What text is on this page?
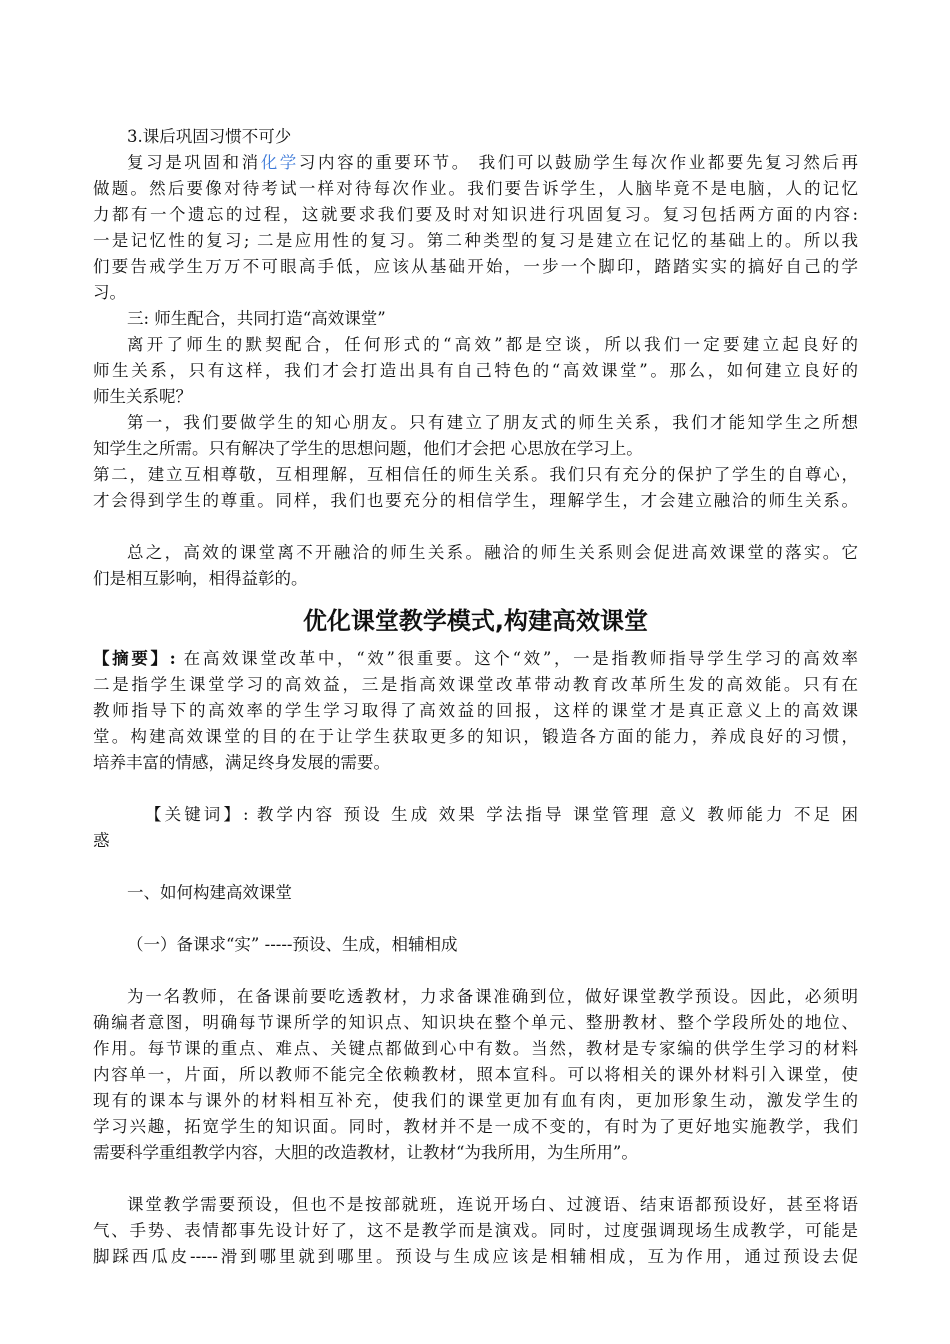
3.课后巩固习惯不可少
复习是巩固和消化学习内容的重要环节。 我们可以鼓励学生每次作业都要先复习然后再
做题。然后要像对待考试一样对待每次作业。我们要告诉学生，人脑毕竟不是电脑，人的记忆
力都有一个遗忘的过程，这就要求我们要及时对知识进行巩固复习。复习包括两方面的内容:
一是记忆性的复习; 二是应用性的复习。第二种类型的复习是建立在记忆的基础上的。所以我
们要告戒学生万万不可眼高手低，应该从基础开始，一步一个脚印，踏踏实实的搞好自己的学
习。
三: 师生配合，共同打造“高效课堂”
离开了师生的默契配合，任何形式的“高效”都是空谈，所以我们一定要建立起良好的
师生关系，只有这样，我们才会打造出具有自己特色的“高效课堂”。那么，如何建立良好的
师生关系呢？
第一，我们要做学生的知心朋友。只有建立了朋友式的师生关系，我们才能知学生之所想
知学生之所需。只有解决了学生的思想问题，他们才会把 心思放在学习上。
第二，建立互相尊敬，互相理解，互相信任的师生关系。我们只有充分的保护了学生的自尊心，
才会得到学生的尊重。同样，我们也要充分的相信学生，理解学生，才会建立融洽的师生关系。
总之，高效的课堂离不开融洽的师生关系。融洽的师生关系则会促进高效课堂的落实。它
们是相互影响，相得益彰的。
优化课堂教学模式,构建高效课堂
【摘要】: 在高效课堂改革中，“效”很重要。这个“效”，一是指教师指导学生学习的高效率
二是指学生课堂学习的高效益，三是指高效课堂改革带动教育改革所生发的高效能。只有在
教师指导下的高效率的学生学习取得了高效益的回报，这样的课堂才是真正意义上的高效课
堂。构建高效课堂的目的在于让学生获取更多的知识，锻造各方面的能力，养成良好的习惯，
培养丰富的情感，满足终身发展的需要。
【关键词】: 教学内容 预设 生成 效果 学法指导 课堂管理 意义 教师能力 不足 困
惑
一、如何构建高效课堂
（一）备课求“实” -----预设、生成，相辅相成
为一名教师，在备课前要吃透教材，力求备课准确到位，做好课堂教学预设。因此，必须明
确编者意图，明确每节课所学的知识点、知识块在整个单元、整册教材、整个学段所处的地位、
作用。每节课的重点、难点、关键点都做到心中有数。当然，教材是专家编的供学生学习的材料
内容单一，片面，所以教师不能完全依赖教材，照本宣科。可以将相关的课外材料引入课堂，使
现有的课本与课外的材料相互补充，使我们的课堂更加有血有肉，更加形象生动，激发学生的
学习兴趣，拓宽学生的知识面。同时，教材并不是一成不变的，有时为了更好地实施教学，我们
需要科学重组教学内容，大胆的改造教材，让教材“为我所用，为生所用”。
课堂教学需要预设，但也不是按部就班，连说开场白、过渡语、结束语都预设好，甚至将语
气、手势、表情都事先设计好了，这不是教学而是演戏。同时，过度强调现场生成教学，可能是
脚踩西瓜皮-----滑到哪里就到哪里。预设与生成应该是相辅相成，互为作用，通过预设去促
